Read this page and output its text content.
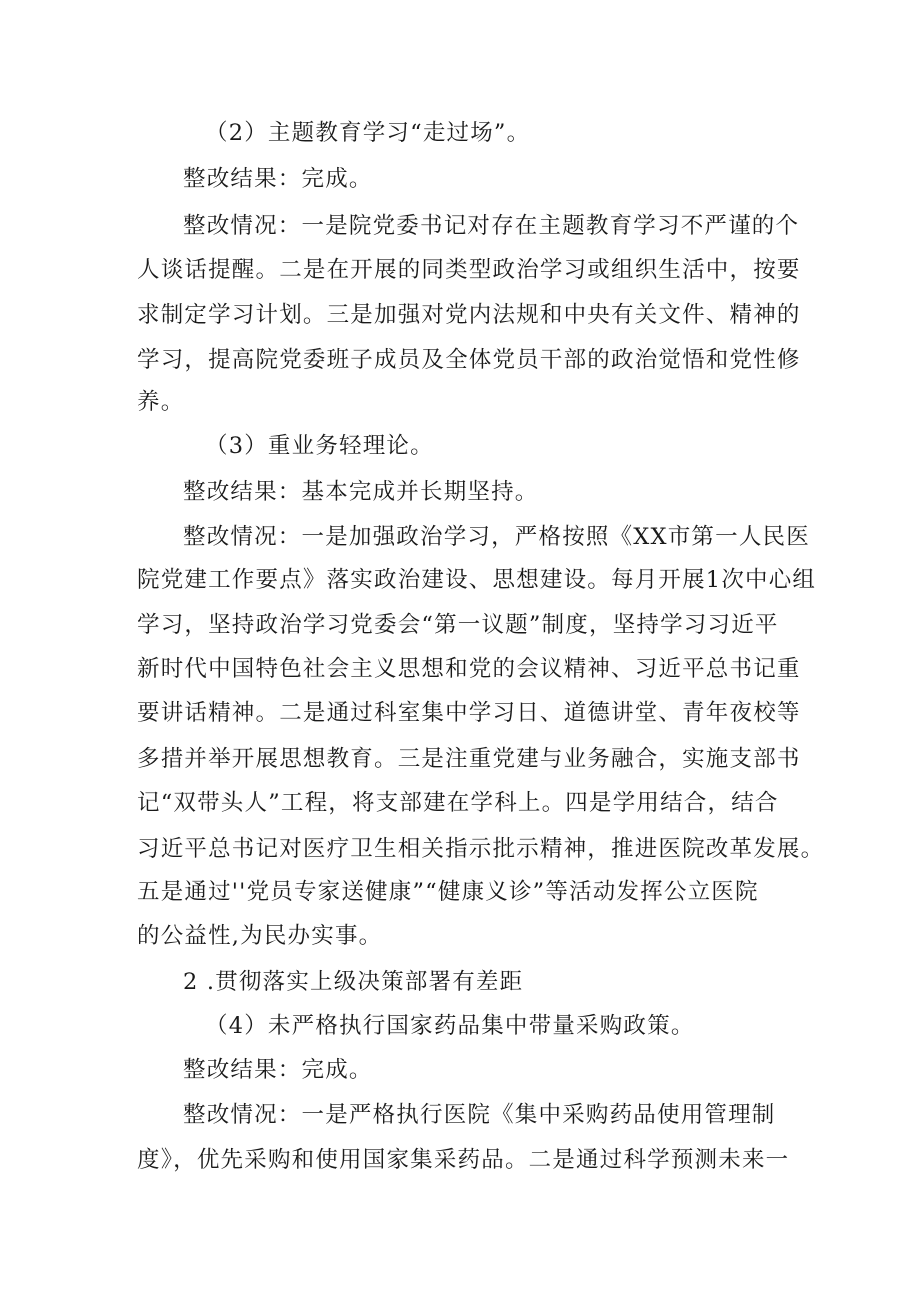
（2）主题教育学习“走过场”。
整改结果：完成。
整改情况：一是院党委书记对存在主题教育学习不严谨的个
人谈话提醒。二是在开展的同类型政治学习或组织生活中，按要
求制定学习计划。三是加强对党内法规和中央有关文件、精神的
学习，提高院党委班子成员及全体党员干部的政治觉悟和党性修
养。
（3）重业务轻理论。
整改结果：基本完成并长期坚持。
整改情况：一是加强政治学习，严格按照《XX市第一人民医
院党建工作要点》落实政治建设、思想建设。每月开展1次中心组
学习，坚持政治学习党委会“第一议题”制度，坚持学习习近平
新时代中国特色社会主义思想和党的会议精神、习近平总书记重
要讲话精神。二是通过科室集中学习日、道德讲堂、青年夜校等
多措并举开展思想教育。三是注重党建与业务融合，实施支部书
记“双带头人”工程，将支部建在学科上。四是学用结合，结合
习近平总书记对医疗卫生相关指示批示精神，推进医院改革发展。
五是通过''党员专家送健康”“健康义诊”等活动发挥公立医院
的公益性,为民办实事。
2 .贯彻落实上级决策部署有差距
（4）未严格执行国家药品集中带量采购政策。
整改结果：完成。
整改情况：一是严格执行医院《集中采购药品使用管理制
度》，优先采购和使用国家集采药品。二是通过科学预测未来一
